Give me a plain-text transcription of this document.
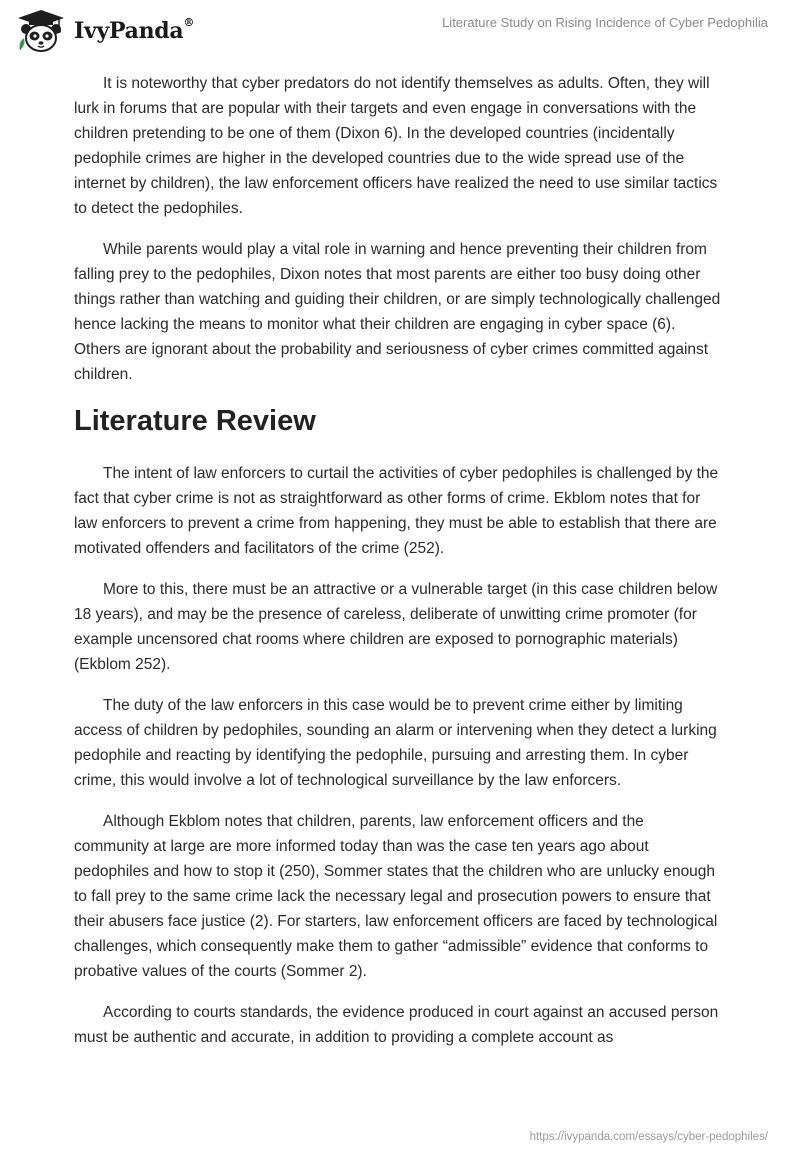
IvyPanda®	Literature Study on Rising Incidence of Cyber Pedophilia

It is noteworthy that cyber predators do not identify themselves as adults. Often, they will lurk in forums that are popular with their targets and even engage in conversations with the children pretending to be one of them (Dixon 6). In the developed countries (incidentally pedophile crimes are higher in the developed countries due to the wide spread use of the internet by children), the law enforcement officers have realized the need to use similar tactics to detect the pedophiles.

While parents would play a vital role in warning and hence preventing their children from falling prey to the pedophiles, Dixon notes that most parents are either too busy doing other things rather than watching and guiding their children, or are simply technologically challenged hence lacking the means to monitor what their children are engaging in cyber space (6). Others are ignorant about the probability and seriousness of cyber crimes committed against children.

Literature Review

The intent of law enforcers to curtail the activities of cyber pedophiles is challenged by the fact that cyber crime is not as straightforward as other forms of crime. Ekblom notes that for law enforcers to prevent a crime from happening, they must be able to establish that there are motivated offenders and facilitators of the crime (252).

More to this, there must be an attractive or a vulnerable target (in this case children below 18 years), and may be the presence of careless, deliberate of unwitting crime promoter (for example uncensored chat rooms where children are exposed to pornographic materials) (Ekblom 252).

The duty of the law enforcers in this case would be to prevent crime either by limiting access of children by pedophiles, sounding an alarm or intervening when they detect a lurking pedophile and reacting by identifying the pedophile, pursuing and arresting them. In cyber crime, this would involve a lot of technological surveillance by the law enforcers.

Although Ekblom notes that children, parents, law enforcement officers and the community at large are more informed today than was the case ten years ago about pedophiles and how to stop it (250), Sommer states that the children who are unlucky enough to fall prey to the same crime lack the necessary legal and prosecution powers to ensure that their abusers face justice (2). For starters, law enforcement officers are faced by technological challenges, which consequently make them to gather “admissible” evidence that conforms to probative values of the courts (Sommer 2).

According to courts standards, the evidence produced in court against an accused person must be authentic and accurate, in addition to providing a complete account as

https://ivypanda.com/essays/cyber-pedophiles/
